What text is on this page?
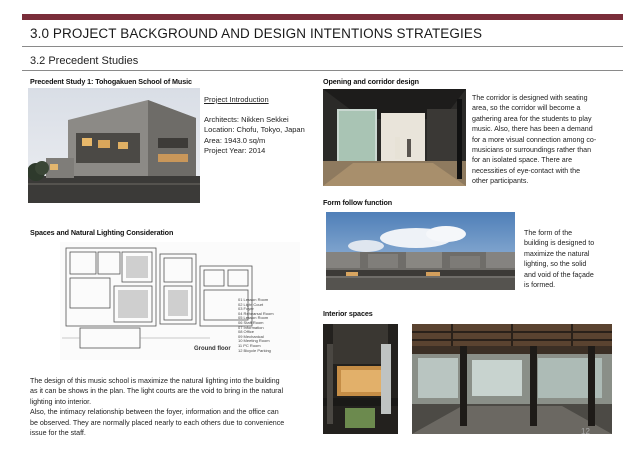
3.0 PROJECT BACKGROUND AND DESIGN INTENTIONS STRATEGIES
3.2 Precedent Studies
Precedent Study 1: Tohogakuen School of Music
Project Introduction
Architects: Nikken Sekkei
Location: Chofu, Tokyo, Japan
Area: 1943.0 sq/m
Project Year: 2014
Spaces and Natural Lighting Consideration
01 Lesson Room
02 Light Court
03 Foyer
04 Rehearsal Room
05 Lesson Room
06 Staff Room
07 Information
08 Office
09 Mechanical
10 Meeting Room
11 PC Room
12 Bicycle Parking
Ground floor
The design of this music school is maximize the natural lighting into the building
as it can be shows in the plan. The light courts are the void to bring in the natural
lighting into interior.
Also, the intimacy relationship between the foyer, information and the office can
be observed. They are normally placed nearly to each others due to convenience
issue for the staff.
Opening and corridor design
The corridor is designed with seating
area, so the corridor will become a
gathering area for the students to play
music. Also, there has been a demand
for a more visual connection among co-
musicians or surroundings rather than
for an isolated space. There are
necessities of eye-contact with the
other participants.
Form follow function
The form of the
building is designed to
maximize the natural
lighting, so the solid
and void of the façade
is formed.
Interior spaces
12
